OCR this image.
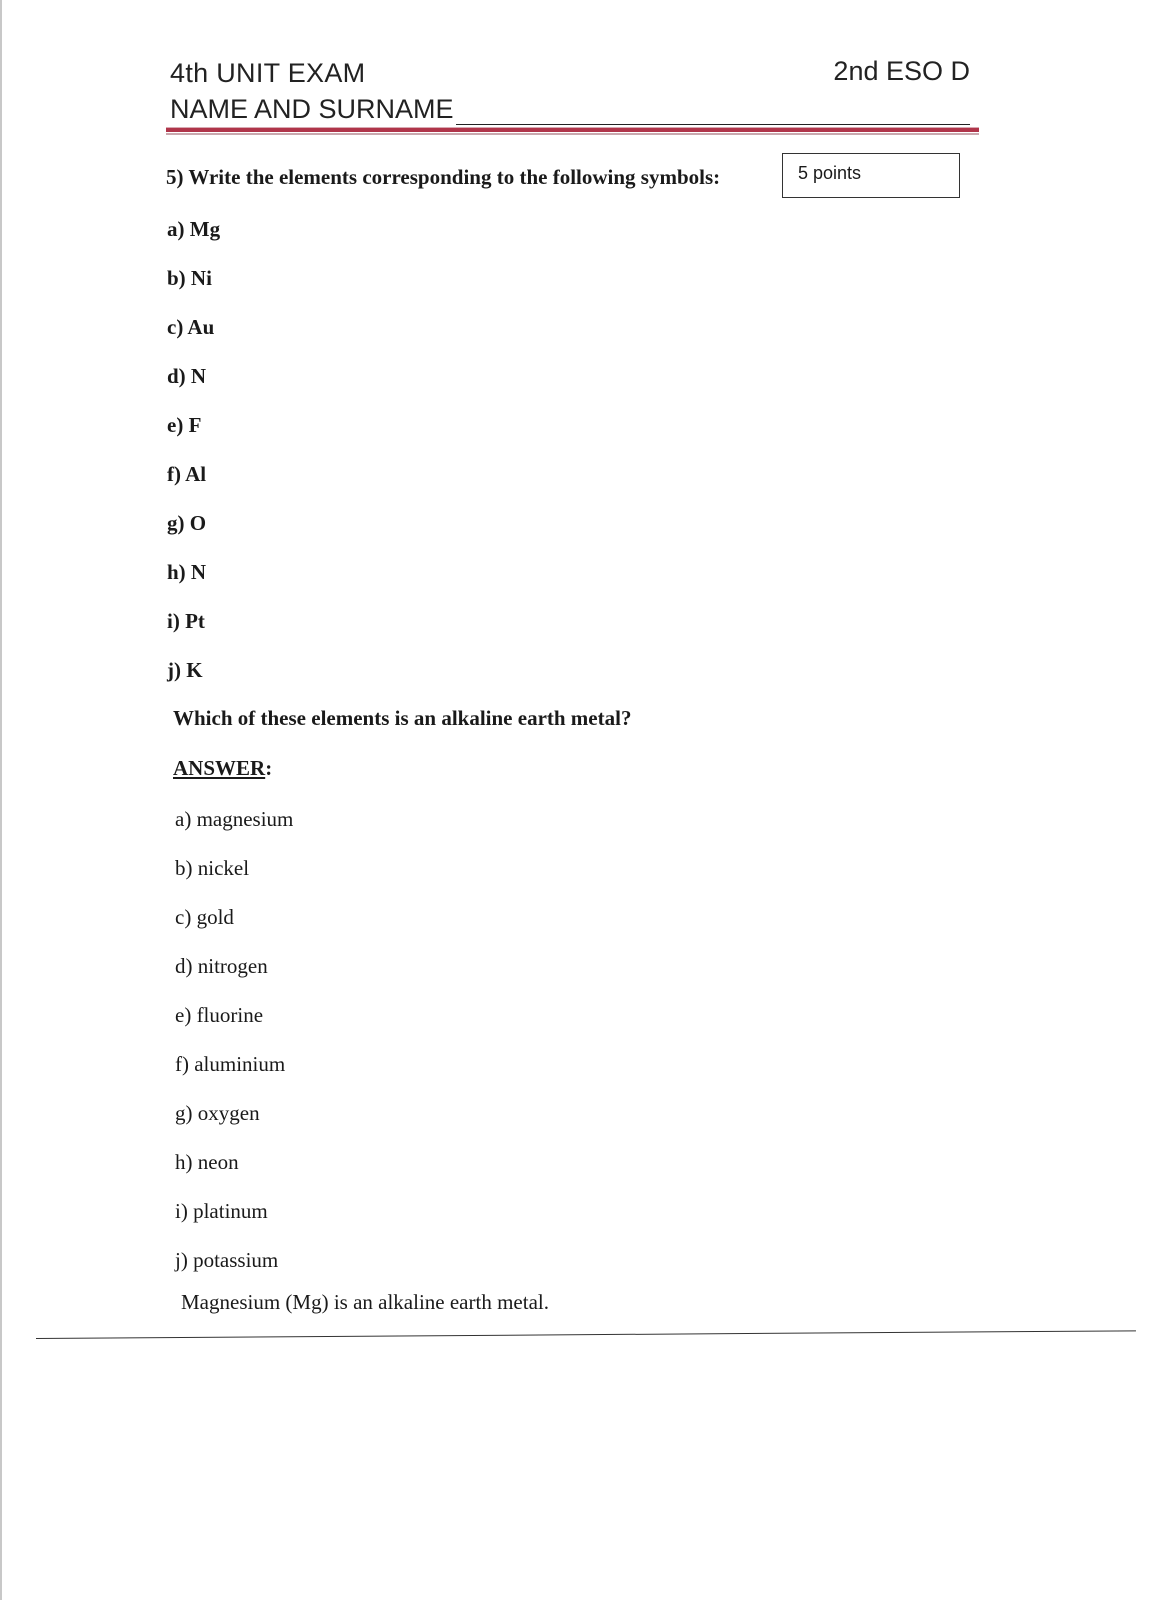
4th UNIT EXAM	2nd ESO D
NAME AND SURNAME
5) Write the elements corresponding to the following symbols:	5 points
a) Mg
b) Ni
c) Au
d) N
e) F
f) Al
g) O
h) N
i) Pt
j) K
Which of these elements is an alkaline earth metal?
ANSWER:
a) magnesium
b) nickel
c) gold
d) nitrogen
e) fluorine
f) aluminium
g) oxygen
h) neon
i) platinum
j) potassium
Magnesium (Mg) is an alkaline earth metal.
